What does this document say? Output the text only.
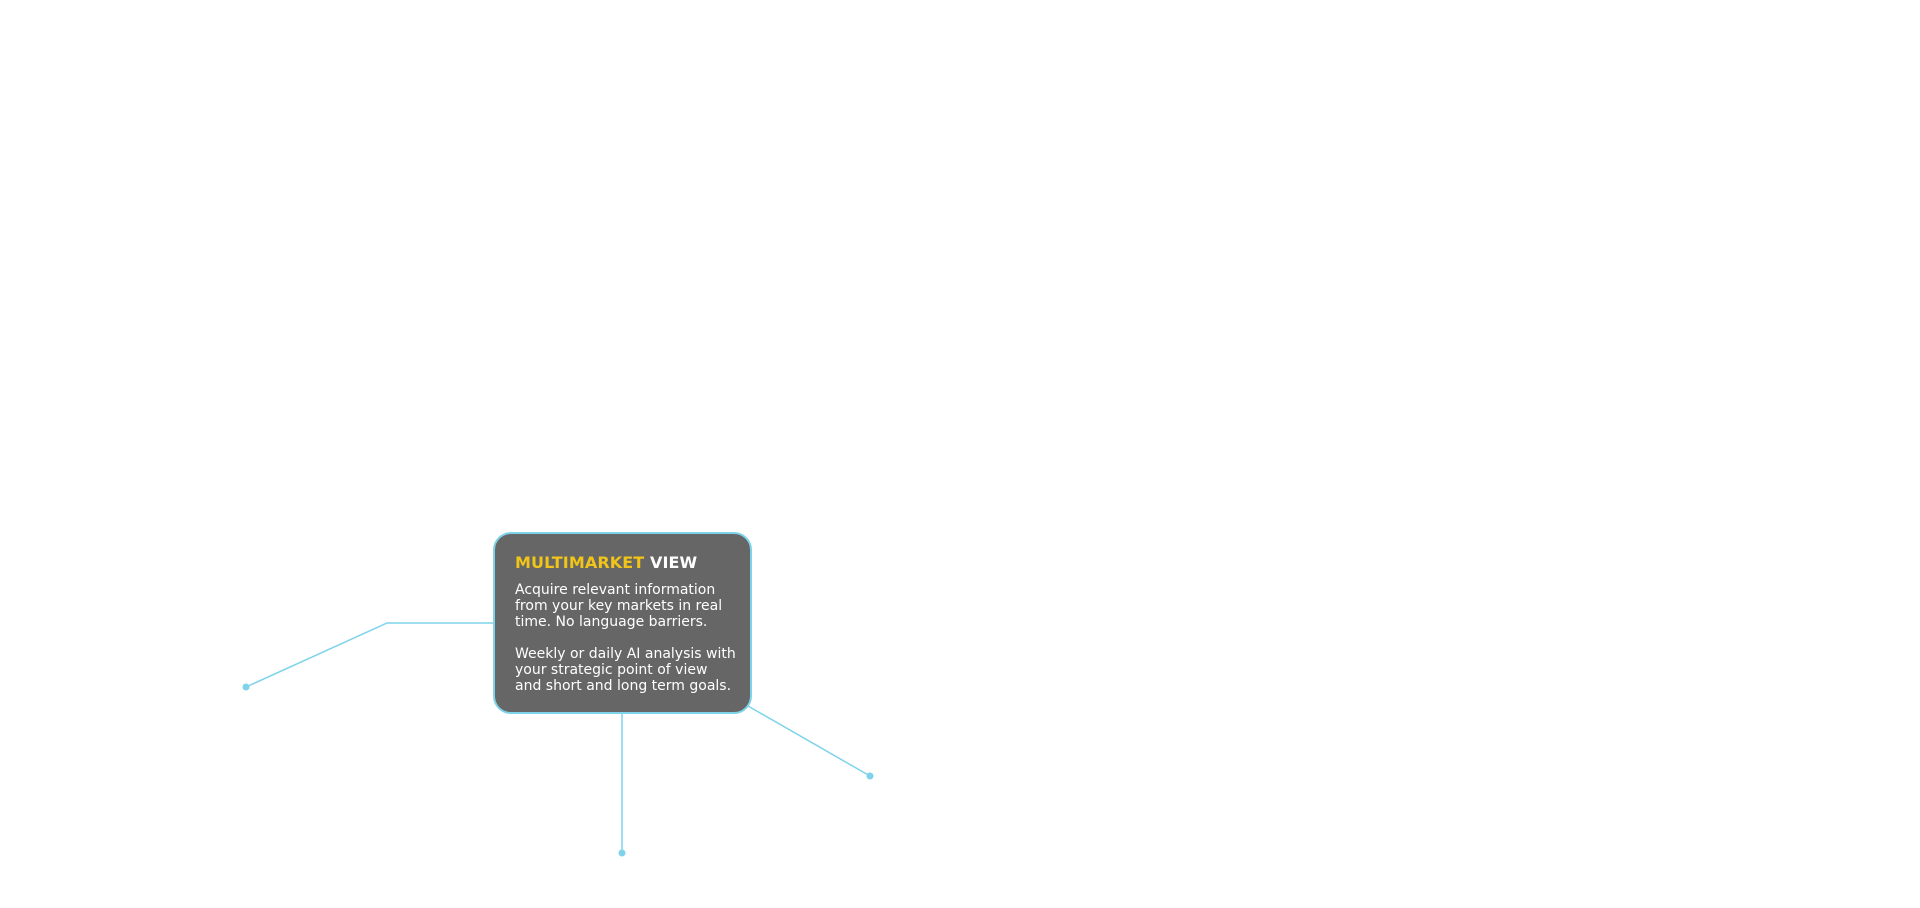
MULTIMARKET VIEW

Acquire relevant information from your key markets in real time. No language barriers.

Weekly or daily AI analysis with your strategic point of view and short and long term goals.
